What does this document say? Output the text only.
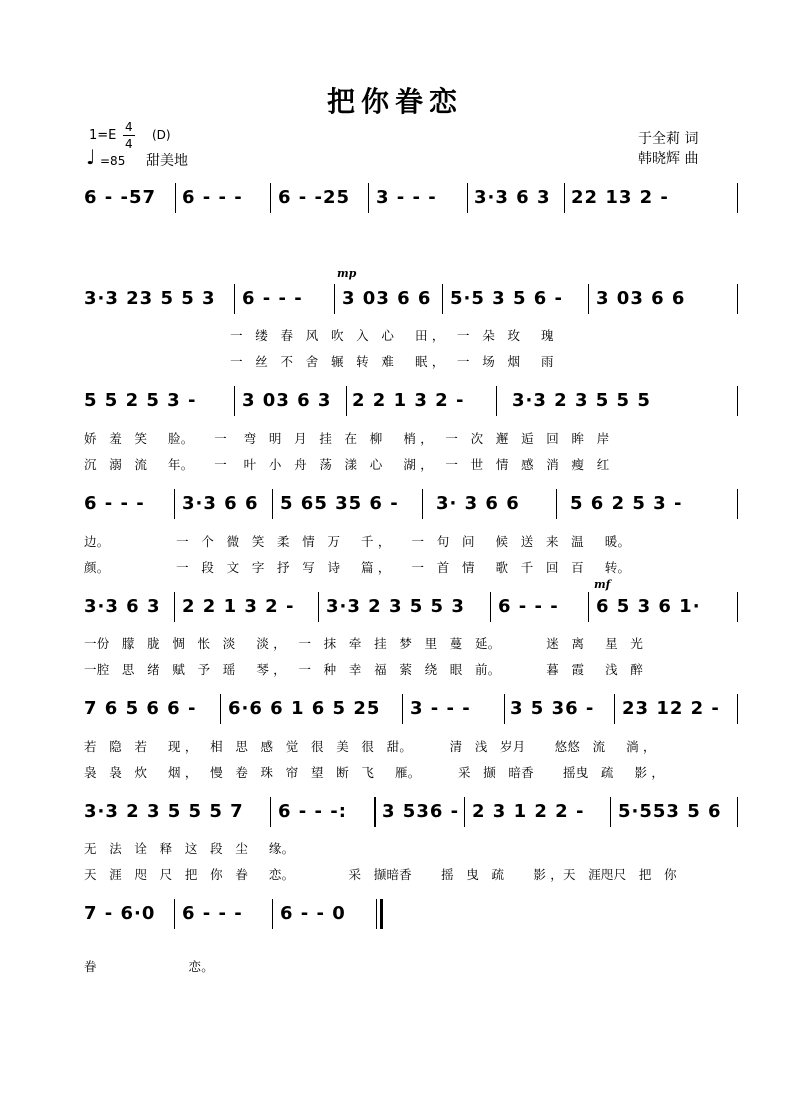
把你眷恋
1=E
4
4
(D)
♩ =85 甜美地
于全莉 词
韩晓辉 曲
mp
mf
6 - -57 6 - - - 6 - -25 3 - - - 3·3 6 3 22 13 2 -
3·3 23 5 5 3 6 - - - 3 03 6 6 5·5 3 5 6 - 3 03 6 6
一   缕   春   风   吹   入   心     田 ，   一   朵   玫     瑰
一   丝   不   舍   辗   转   难     眠 ，   一   场   烟     雨
5 5 2 5 3 -	3 03 6 3 2 2 1 3 2 -	3·3 2 3 5 5 5
娇   羞   笑     脸。     一    弯   明   月   挂   在   柳     梢 ，   一   次   邂   逅   回   眸   岸
沉   溺   流     年。     一    叶   小   舟   荡   漾   心     湖 ，   一   世   情   感   消   瘦   红
6 - - - 3·3 6 6 5 65 35 6 - 3· 3 6 6	5 6 2 5 3 -
边。                一   个   微   笑   柔   情   万     千 ，     一   句   问     候   送   来   温     暖。
颜。                一   段   文   字   抒   写   诗     篇 ，     一   首   情     歌   千   回   百     转。
3·3 6 3 2 2 1 3 2 - 3·3 2 3 5 5 3 6 - - - 6 5 3 6 1·
一份   朦   胧   惆   怅   淡     淡 ，   一   抹   牵   挂   梦   里   蔓   延。           迷   离     星   光
一腔   思   绪   赋   予   瑶     琴 ，   一   种   幸   福   萦   绕   眼   前。           暮   霞     浅   醉
7 6 5 6 6 - 6·6 6 1 6 5 25 3 - - - 3 5 36 - 23 12 2 -
若   隐   若     现 ，   相   思   感   觉   很   美   很   甜。         清   浅   岁月       悠悠   流     淌 ，
袅   袅   炊     烟 ，   慢   卷   珠   帘   望   断   飞     雁。         采   撷   暗香       摇曳   疏     影 ，
3·3 2 3 5 5 5 7 6 - - -: 3 536 - 2 3 1 2 2 - 5·553 5 6
无   法   诠   释   这   段   尘     缘。
天   涯   咫   尺   把   你   眷     恋。             采   撷暗香       摇   曳   疏       影 ，天   涯咫尺   把   你
7 - 6·0 6 - - - 6 - - 0
眷                      恋。
